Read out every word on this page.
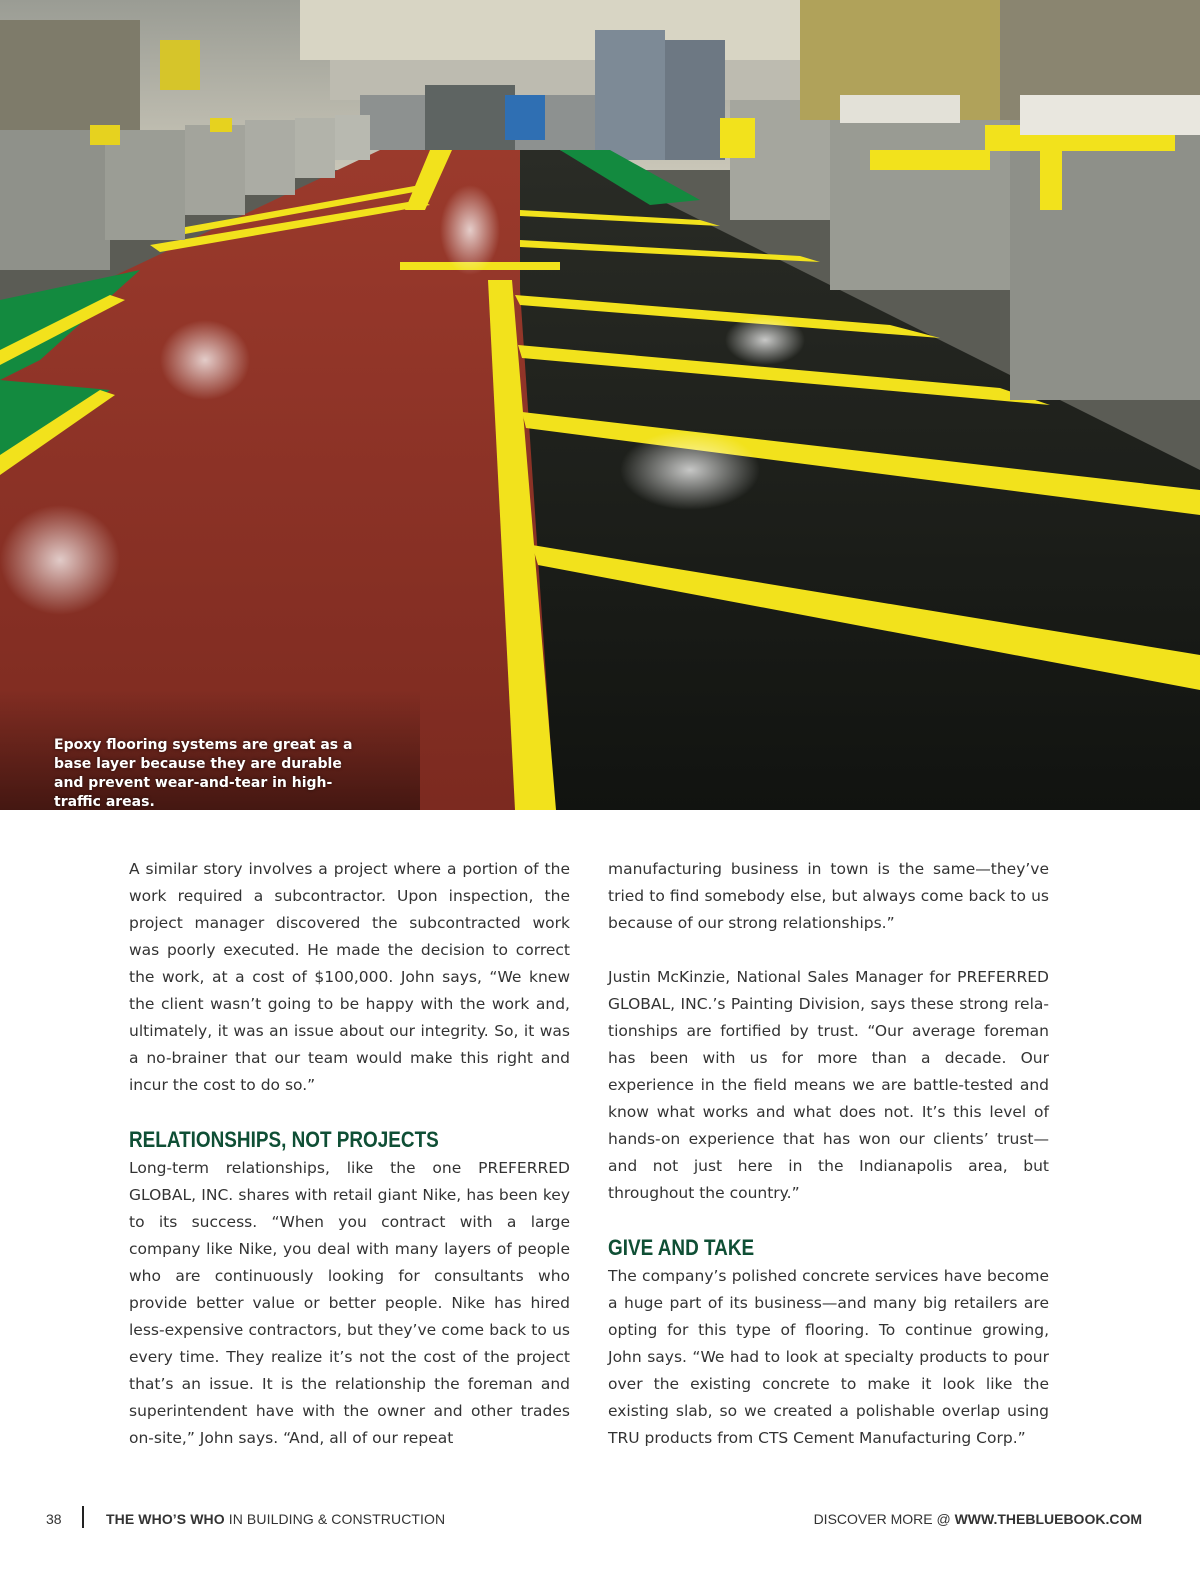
Epoxy flooring systems are great as a base layer because they are durable and prevent wear-and-tear in high-traffic areas.

A similar story involves a project where a portion of the work required a subcontractor. Upon inspection, the project manager discovered the subcontracted work was poorly executed. He made the decision to correct the work, at a cost of $100,000. John says, “We knew the client wasn’t going to be happy with the work and, ultimately, it was an issue about our integrity. So, it was a no-brainer that our team would make this right and incur the cost to do so.”

RELATIONSHIPS, NOT PROJECTS

Long-term relationships, like the one PREFERRED GLOBAL, INC. shares with retail giant Nike, has been key to its success. “When you contract with a large company like Nike, you deal with many layers of people who are continuously looking for consultants who provide better value or better people. Nike has hired less-expensive contractors, but they’ve come back to us every time. They realize it’s not the cost of the project that’s an issue. It is the relationship the foreman and superintendent have with the owner and other trades on-site,” John says. “And, all of our repeat

manufacturing business in town is the same—they’ve tried to find somebody else, but always come back to us because of our strong relationships.”

Justin McKinzie, National Sales Manager for PREFERRED GLOBAL, INC.’s Painting Division, says these strong relationships are fortified by trust. “Our average foreman has been with us for more than a decade. Our experience in the field means we are battle-tested and know what works and what does not. It’s this level of hands-on experience that has won our clients’ trust—and not just here in the Indianapolis area, but throughout the country.”

GIVE AND TAKE

The company’s polished concrete services have become a huge part of its business—and many big retailers are opting for this type of flooring. To continue growing, John says. “We had to look at specialty products to pour over the existing concrete to make it look like the existing slab, so we created a polishable overlap using TRU products from CTS Cement Manufacturing Corp.”

38	THE WHO’S WHO IN BUILDING & CONSTRUCTION	DISCOVER MORE @ WWW.THEBLUEBOOK.COM
